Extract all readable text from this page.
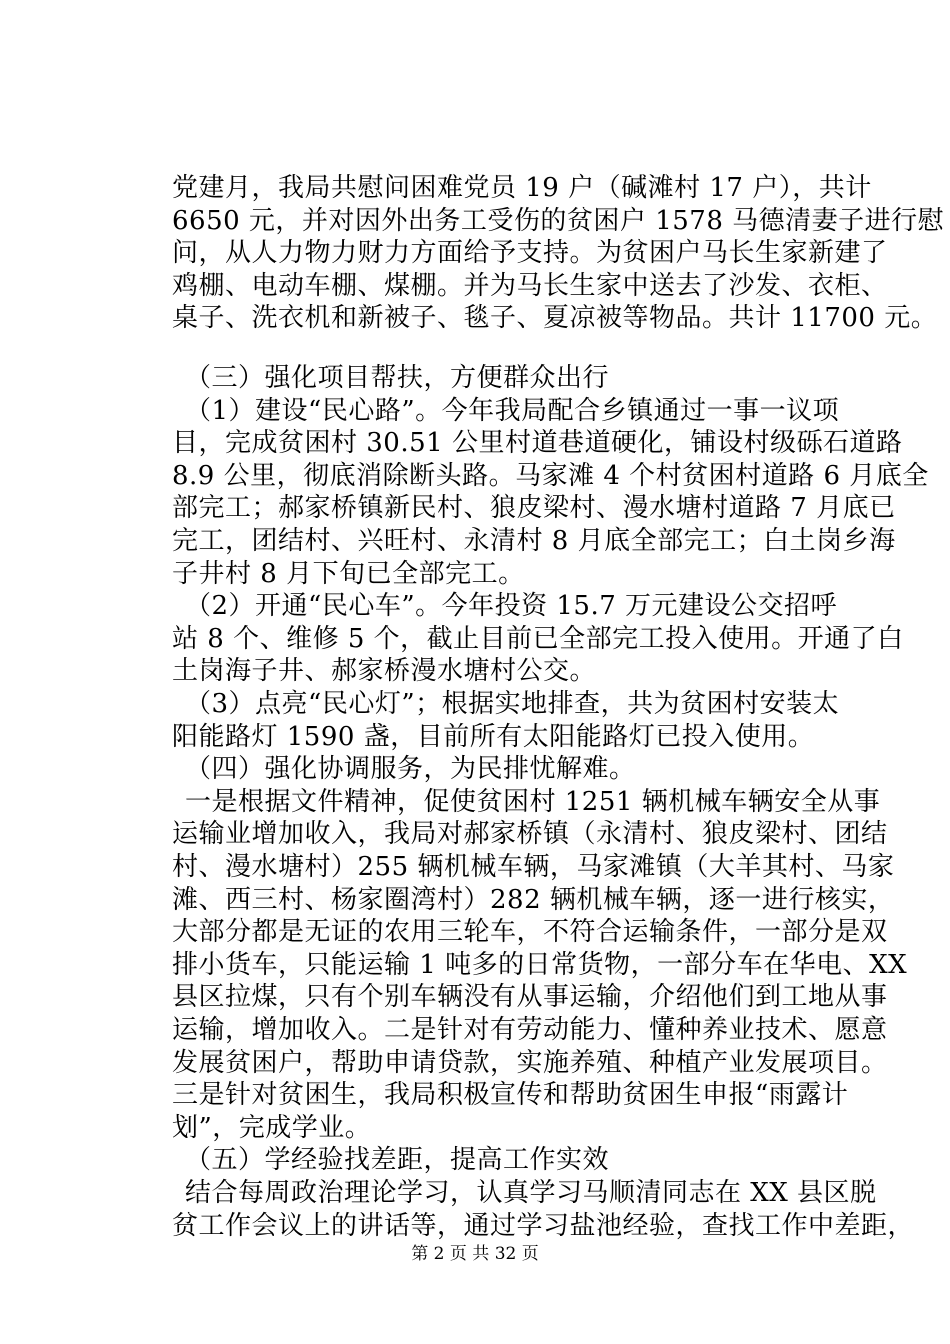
党建月，我局共慰问困难党员 19 户（碱滩村 17 户），共计
6650 元，并对因外出务工受伤的贫困户 1578 马德清妻子进行慰
问，从人力物力财力方面给予支持。为贫困户马长生家新建了
鸡棚、电动车棚、煤棚。并为马长生家中送去了沙发、衣柜、
桌子、洗衣机和新被子、毯子、夏凉被等物品。共计 11700 元。
（三）强化项目帮扶，方便群众出行
（1）建设“民心路”。今年我局配合乡镇通过一事一议项
目，完成贫困村 30.51 公里村道巷道硬化，铺设村级砾石道路
8.9 公里，彻底消除断头路。马家滩 4 个村贫困村道路 6 月底全
部完工；郝家桥镇新民村、狼皮梁村、漫水塘村道路 7 月底已
完工，团结村、兴旺村、永清村 8 月底全部完工；白土岗乡海
子井村 8 月下旬已全部完工。
（2）开通“民心车”。今年投资 15.7 万元建设公交招呼
站 8 个、维修 5 个，截止目前已全部完工投入使用。开通了白
土岗海子井、郝家桥漫水塘村公交。
（3）点亮“民心灯”；根据实地排查，共为贫困村安装太
阳能路灯 1590 盏，目前所有太阳能路灯已投入使用。
（四）强化协调服务，为民排忧解难。
一是根据文件精神，促使贫困村 1251 辆机械车辆安全从事
运输业增加收入，我局对郝家桥镇（永清村、狼皮梁村、团结
村、漫水塘村）255 辆机械车辆，马家滩镇（大羊其村、马家
滩、西三村、杨家圈湾村）282 辆机械车辆，逐一进行核实，
大部分都是无证的农用三轮车，不符合运输条件，一部分是双
排小货车，只能运输 1 吨多的日常货物，一部分车在华电、XX
县区拉煤，只有个别车辆没有从事运输，介绍他们到工地从事
运输，增加收入。二是针对有劳动能力、懂种养业技术、愿意
发展贫困户，帮助申请贷款，实施养殖、种植产业发展项目。
三是针对贫困生，我局积极宣传和帮助贫困生申报“雨露计
划”，完成学业。
（五）学经验找差距，提高工作实效
结合每周政治理论学习，认真学习马顺清同志在 XX 县区脱
贫工作会议上的讲话等，通过学习盐池经验，查找工作中差距，
第 2 页 共 32 页
